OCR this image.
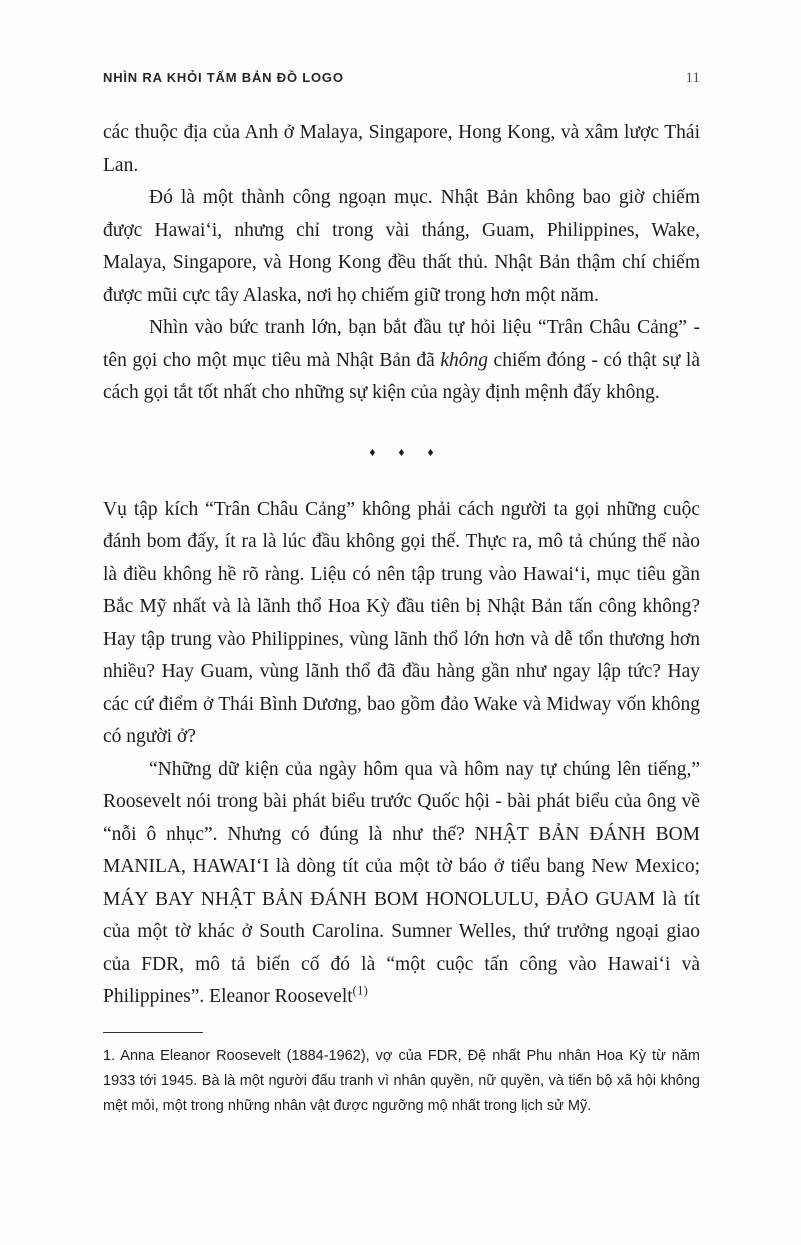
NHÌN RA KHỎI TẤM BẢN ĐỒ LOGO	11

các thuộc địa của Anh ở Malaya, Singapore, Hong Kong, và xâm lược Thái Lan.

Đó là một thành công ngoạn mục. Nhật Bản không bao giờ chiếm được Hawai‘i, nhưng chỉ trong vài tháng, Guam, Philippines, Wake, Malaya, Singapore, và Hong Kong đều thất thủ. Nhật Bản thậm chí chiếm được mũi cực tây Alaska, nơi họ chiếm giữ trong hơn một năm.

Nhìn vào bức tranh lớn, bạn bắt đầu tự hỏi liệu “Trân Châu Cảng” - tên gọi cho một mục tiêu mà Nhật Bản đã không chiếm đóng - có thật sự là cách gọi tắt tốt nhất cho những sự kiện của ngày định mệnh đấy không.

♦ ♦ ♦

Vụ tập kích “Trân Châu Cảng” không phải cách người ta gọi những cuộc đánh bom đấy, ít ra là lúc đầu không gọi thế. Thực ra, mô tả chúng thế nào là điều không hề rõ ràng. Liệu có nên tập trung vào Hawai‘i, mục tiêu gần Bắc Mỹ nhất và là lãnh thổ Hoa Kỳ đầu tiên bị Nhật Bản tấn công không? Hay tập trung vào Philippines, vùng lãnh thổ lớn hơn và dễ tổn thương hơn nhiều? Hay Guam, vùng lãnh thổ đã đầu hàng gần như ngay lập tức? Hay các cứ điểm ở Thái Bình Dương, bao gồm đảo Wake và Midway vốn không có người ở?

“Những dữ kiện của ngày hôm qua và hôm nay tự chúng lên tiếng,” Roosevelt nói trong bài phát biểu trước Quốc hội - bài phát biểu của ông về “nỗi ô nhục”. Nhưng có đúng là như thế? NHẬT BẢN ĐÁNH BOM MANILA, HAWAI‘I là dòng tít của một tờ báo ở tiểu bang New Mexico; MÁY BAY NHẬT BẢN ĐÁNH BOM HONOLULU, ĐẢO GUAM là tít của một tờ khác ở South Carolina. Sumner Welles, thứ trưởng ngoại giao của FDR, mô tả biến cố đó là “một cuộc tấn công vào Hawai‘i và Philippines”. Eleanor Roosevelt$^{(1)}$

1. Anna Eleanor Roosevelt (1884-1962), vợ của FDR, Đệ nhất Phu nhân Hoa Kỳ từ năm 1933 tới 1945. Bà là một người đấu tranh vì nhân quyền, nữ quyền, và tiến bộ xã hội không mệt mỏi, một trong những nhân vật được ngưỡng mộ nhất trong lịch sử Mỹ.
